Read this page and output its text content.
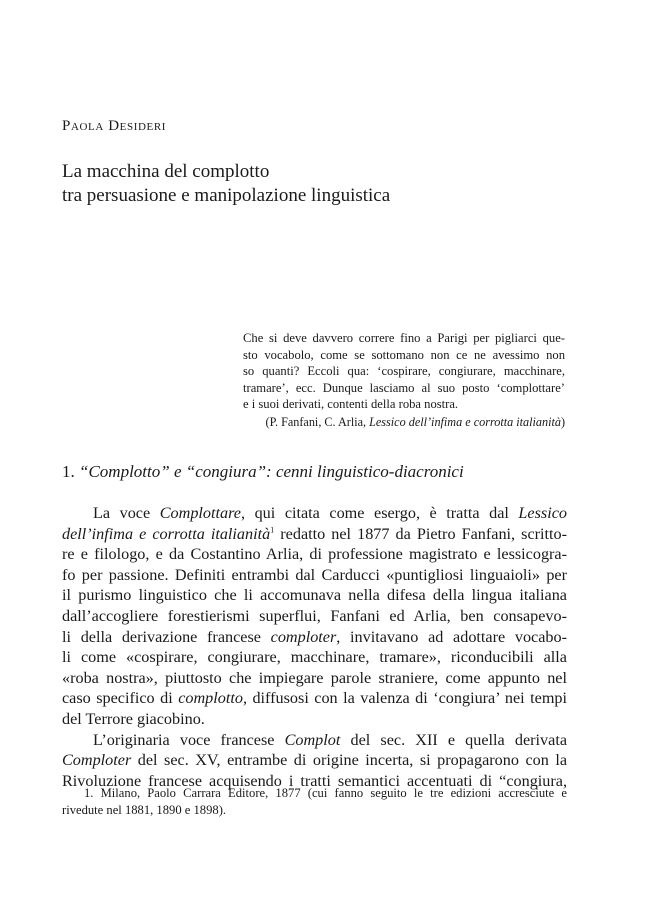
Paola Desideri
La macchina del complotto
tra persuasione e manipolazione linguistica
Che si deve davvero correre fino a Parigi per pigliarci que-
sto vocabolo, come se sottomano non ce ne avessimo non
so quanti? Eccoli qua: ‘cospirare, congiurare, macchinare,
tramare’, ecc. Dunque lasciamo al suo posto ‘complottare’
e i suoi derivati, contenti della roba nostra.
(P. Fanfani, C. Arlia, Lessico dell’infima e corrotta italianità)
1. “Complotto” e “congiura”: cenni linguistico-diacronici
La voce Complottare, qui citata come esergo, è tratta dal Lessico
dell’infima e corrotta italianità$^1$ redatto nel 1877 da Pietro Fanfani, scritto-
re e filologo, e da Costantino Arlia, di professione magistrato e lessicogra-
fo per passione. Definiti entrambi dal Carducci «puntigliosi linguaioli» per
il purismo linguistico che li accomunava nella difesa della lingua italiana
dall’accogliere forestierismi superflui, Fanfani ed Arlia, ben consapevo-
li della derivazione francese comploter, invitavano ad adottare vocabo-
li come «cospirare, congiurare, macchinare, tramare», riconducibili alla
«roba nostra», piuttosto che impiegare parole straniere, come appunto nel
caso specifico di complotto, diffusosi con la valenza di ‘congiura’ nei tempi
del Terrore giacobino.
L’originaria voce francese Complot del sec. XII e quella derivata
Comploter del sec. XV, entrambe di origine incerta, si propagarono con la
Rivoluzione francese acquisendo i tratti semantici accentuati di “congiura,
1. Milano, Paolo Carrara Editore, 1877 (cui fanno seguito le tre edizioni accresciute e
rivedute nel 1881, 1890 e 1898).
